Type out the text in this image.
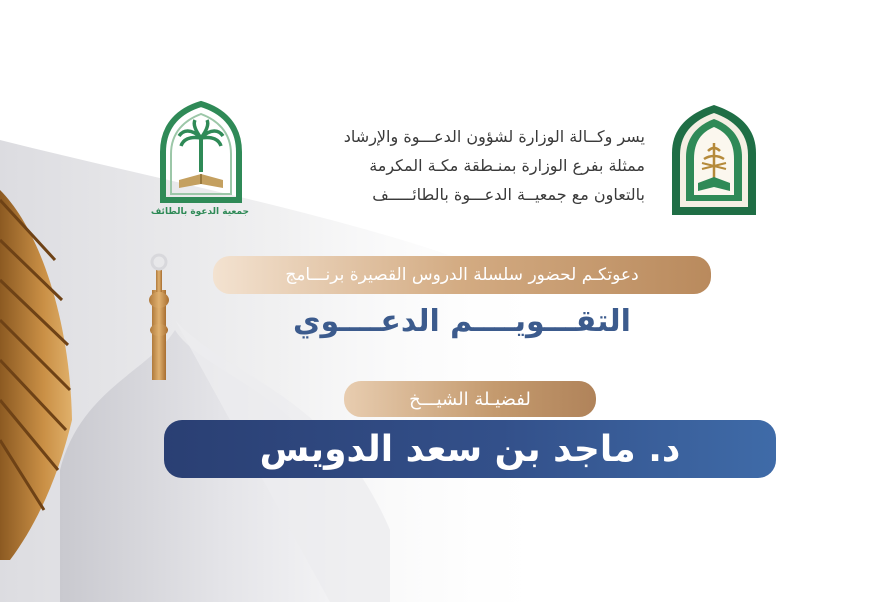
يسر وكــالة الوزارة لشؤون الدعـــوة والإرشاد
ممثلة بفرع الوزارة بمنـطقة مكـة المكرمة
بالتعاون مع جمعيــة الدعـــوة بالطائـــــف
جمعية الدعوة بالطائف
دعوتكـم لحضور سلسلة الدروس القصيرة برنـــامج
التقـــويــــم الدعــــوي
لفضيـلة الشيـــخ
د. ماجد بن سعد الدويس
